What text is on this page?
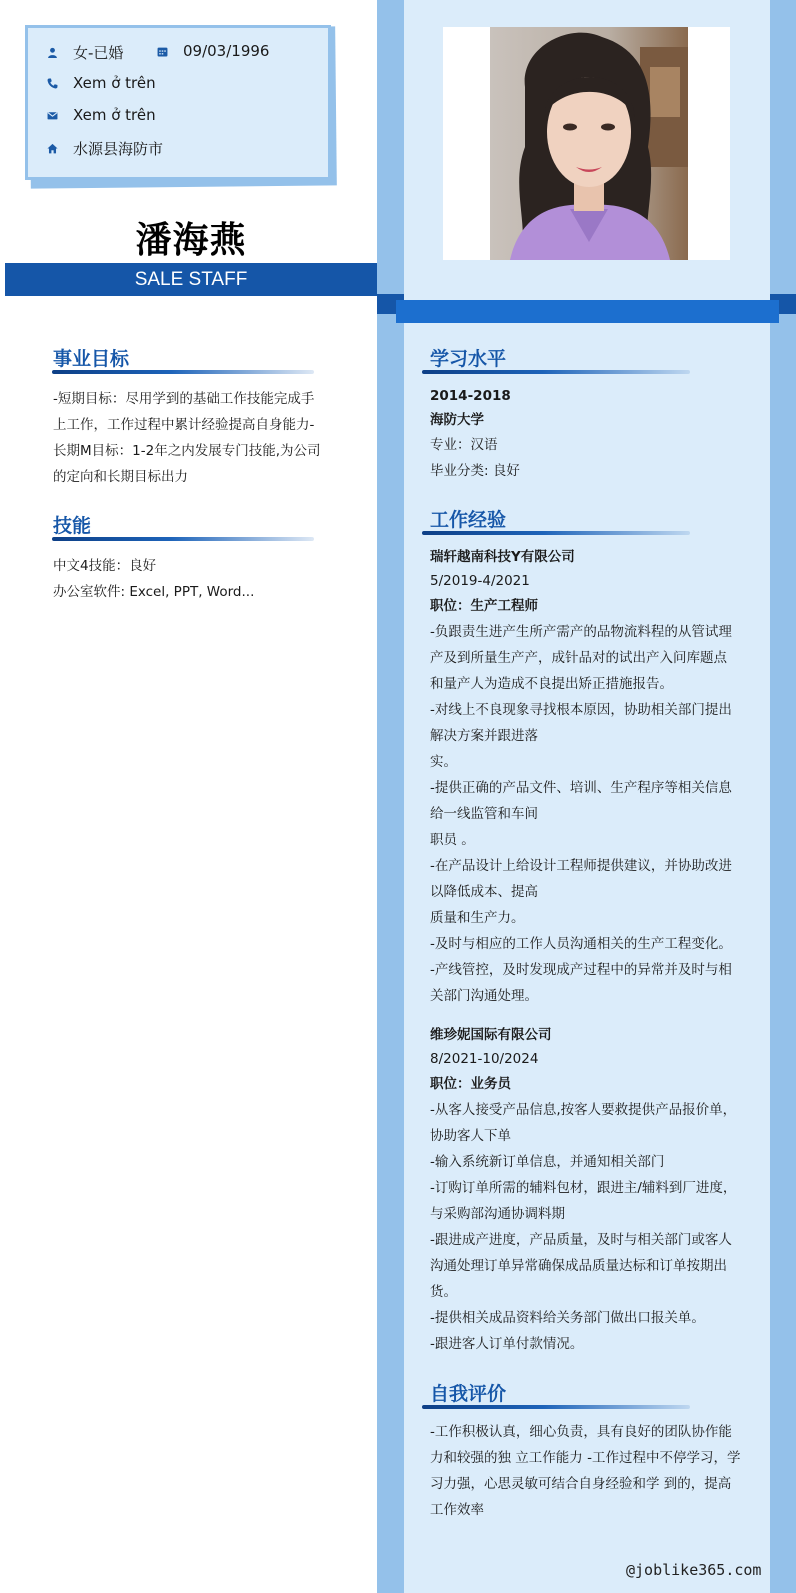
女-已婚	09/03/1996
Xem ở trên
Xem ở trên
水源县海防市
潘海燕
SALE STAFF
事业目标
-短期目标：尽用学到的基础工作技能完成手
上工作，工作过程中累计经验提高自身能力-
长期M目标：1-2年之内发展专门技能,为公司
的定向和长期目标出力
技能
中文4技能：良好
办公室软件: Excel, PPT, Word...
学习水平
2014-2018
海防大学
专业：汉语
毕业分类: 良好
工作经验
瑞轩越南科技Y有限公司
5/2019-4/2021
职位：生产工程师
-负跟责生进产生所产需产的品物流料程的从管试理
产及到所量生产产，成针品对的试出产入问库题点
和量产人为造成不良提出矫正措施报告。
-对线上不良现象寻找根本原因，协助相关部门提出
解决方案并跟进落
实。
-提供正确的产品文件、培训、生产程序等相关信息
给一线监管和车间
职员 。
-在产品设计上给设计工程师提供建议，并协助改进
以降低成本、提高
质量和生产力。
-及时与相应的工作人员沟通相关的生产工程变化。
-产线管控，及时发现成产过程中的异常并及时与相
关部门沟通处理。
维珍妮国际有限公司
8/2021-10/2024
职位：业务员
-从客人接受产品信息,按客人要救提供产品报价单，
协助客人下单
-输入系统新订单信息，并通知相关部门
-订购订单所需的辅料包材，跟进主/辅料到厂进度，
与采购部沟通协调料期
-跟进成产进度，产品质量，及时与相关部门或客人
沟通处理订单异常确保成品质量达标和订单按期出
货。
-提供相关成品资料给关务部门做出口报关单。
-跟进客人订单付款情况。
自我评价
-工作积极认真，细心负责，具有良好的团队协作能
力和较强的独 立工作能力 -工作过程中不停学习，学
习力强，心思灵敏可结合自身经验和学 到的，提高
工作效率
@joblike365.com
